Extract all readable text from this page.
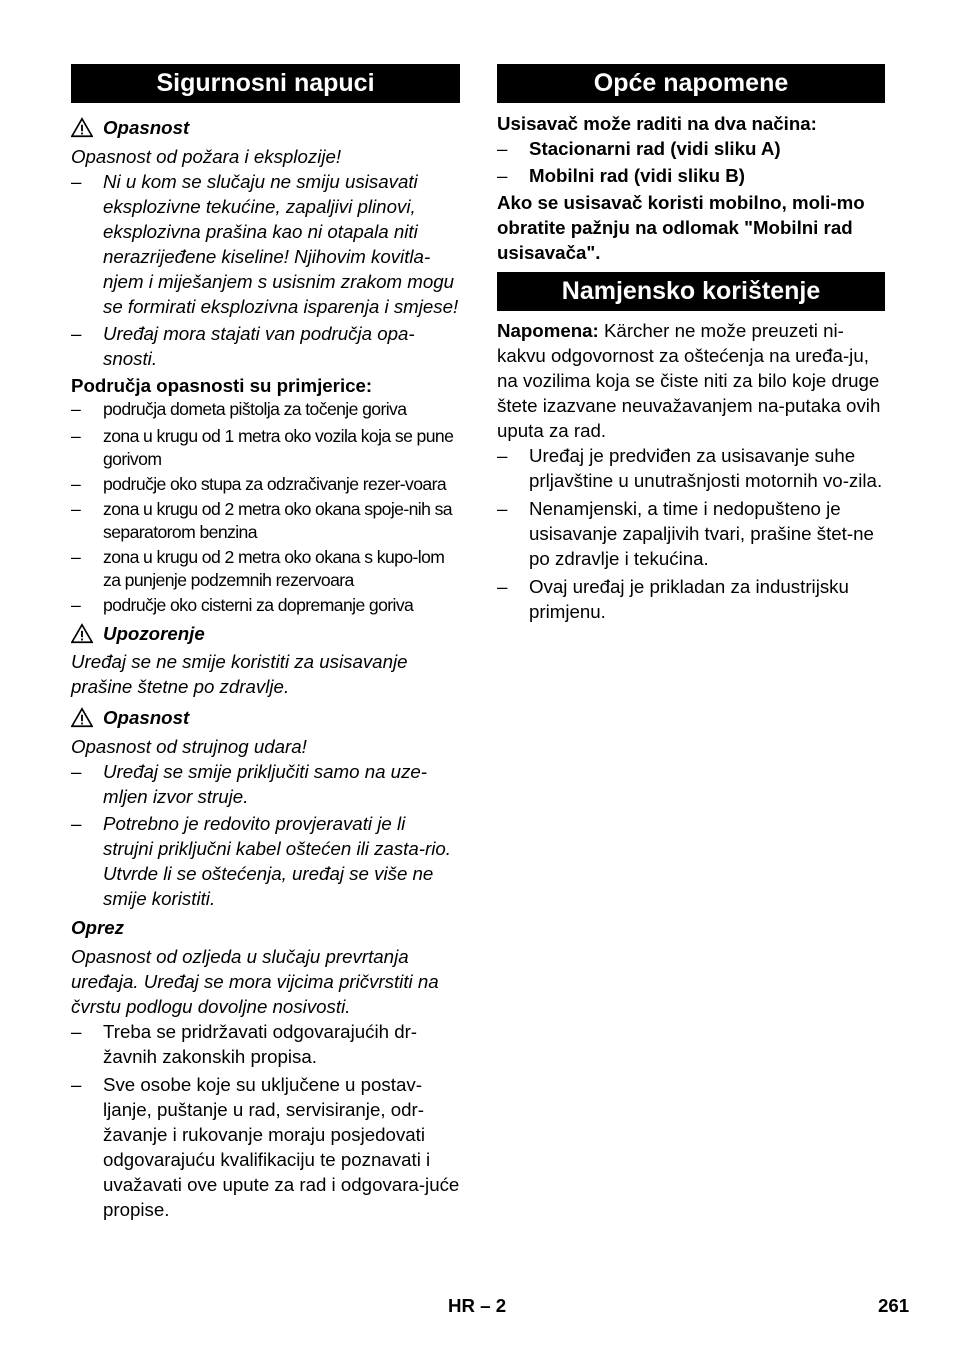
Sigurnosni napuci
Opasnost

Opasnost od požara i eksplozije!

– Ni u kom se slučaju ne smiju usisavati eksplozivne tekućine, zapaljivi plinovi, eksplozivna prašina kao ni otapala niti nerazrijeđene kiseline! Njihovim kovitla-njem i miješanjem s usisnim zrakom mogu se formirati eksplozivna isparenja i smjese!
– Uređaj mora stajati van područja opa-snosti.

Područja opasnosti su primjerice:

– područja dometa pištolja za točenje goriva
– zona u krugu od 1 metra oko vozila koja se pune gorivom
– područje oko stupa za odzračivanje rezer-voara
– zona u krugu od 2 metra oko okana spoje-nih sa separatorom benzina
– zona u krugu od 2 metra oko okana s kupo-lom za punjenje podzemnih rezervoara
– područje oko cisterni za dopremanje goriva
Upozorenje

Uređaj se ne smije koristiti za usisavanje prašine štetne po zdravlje.

Opasnost

Opasnost od strujnog udara!

– Uređaj se smije priključiti samo na uze-mljen izvor struje.
– Potrebno je redovito provjeravati je li strujni priključni kabel oštećen ili zasta-rio. Utvrde li se oštećenja, uređaj se više ne smije koristiti.
Oprez

Opasnost od ozljeda u slučaju prevrtanja uređaja. Uređaj se mora vijcima pričvrstiti na čvrstu podlogu dovoljne nosivosti.

– Treba se pridržavati odgovarajućih dr-žavnih zakonskih propisa.
– Sve osobe koje su uključene u postav-ljanje, puštanje u rad, servisiranje, odr-žavanje i rukovanje moraju posjedovati odgovarajuću kvalifikaciju te poznavati i uvažavati ove upute za rad i odgovara-juće propise.
Opće napomene

Usisavač može raditi na dva načina:

– Stacionarni rad (vidi sliku A)
– Mobilni rad (vidi sliku B)

Ako se usisavač koristi mobilno, moli-mo obratite pažnju na odlomak "Mobilni rad usisavača".

Namjensko korištenje

Napomena: Kärcher ne može preuzeti ni-kakvu odgovornost za oštećenja na uređa-ju, na vozilima koja se čiste niti za bilo koje druge štete izazvane neuvažavanjem na-putaka ovih uputa za rad.

– Uređaj je predviđen za usisavanje suhe prljavštine u unutrašnjosti motornih vo-zila.
– Nenamjenski, a time i nedopušteno je usisavanje zapaljivih tvari, prašine štet-ne po zdravlje i tekućina.
– Ovaj uređaj je prikladan za industrijsku primjenu.
HR – 2	261
